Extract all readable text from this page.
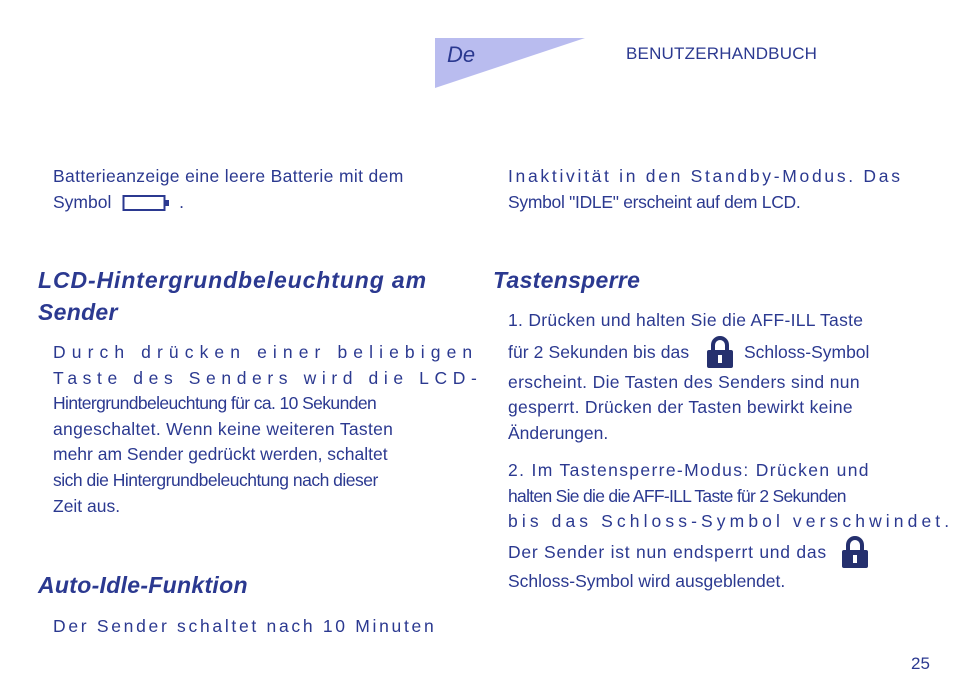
De	BENUTZERHANDBUCH
Batterieanzeige eine leere Batterie mit dem
Symbol	.
LCD-Hintergrundbeleuchtung am
Sender
Durch drücken einer beliebigen
Taste des Senders wird die LCD-
Hintergrundbeleuchtung für ca. 10 Sekunden
angeschaltet. Wenn keine weiteren Tasten
mehr am Sender gedrückt werden, schaltet
sich die Hintergrundbeleuchtung nach dieser
Zeit aus.
Auto-Idle-Funktion
Der Sender schaltet nach 10 Minuten
Inaktivität in den Standby-Modus. Das
Symbol "IDLE" erscheint auf dem LCD.
Tastensperre
1. Drücken und halten Sie die AFF-ILL Taste
für 2 Sekunden bis das	Schloss-Symbol
erscheint. Die Tasten des Senders sind nun
gesperrt. Drücken der Tasten bewirkt keine
Änderungen.
2. Im Tastensperre-Modus: Drücken und
halten Sie die die AFF-ILL Taste für 2 Sekunden
bis das Schloss-Symbol verschwindet.
Der Sender ist nun endsperrt und das
Schloss-Symbol wird ausgeblendet.
25
